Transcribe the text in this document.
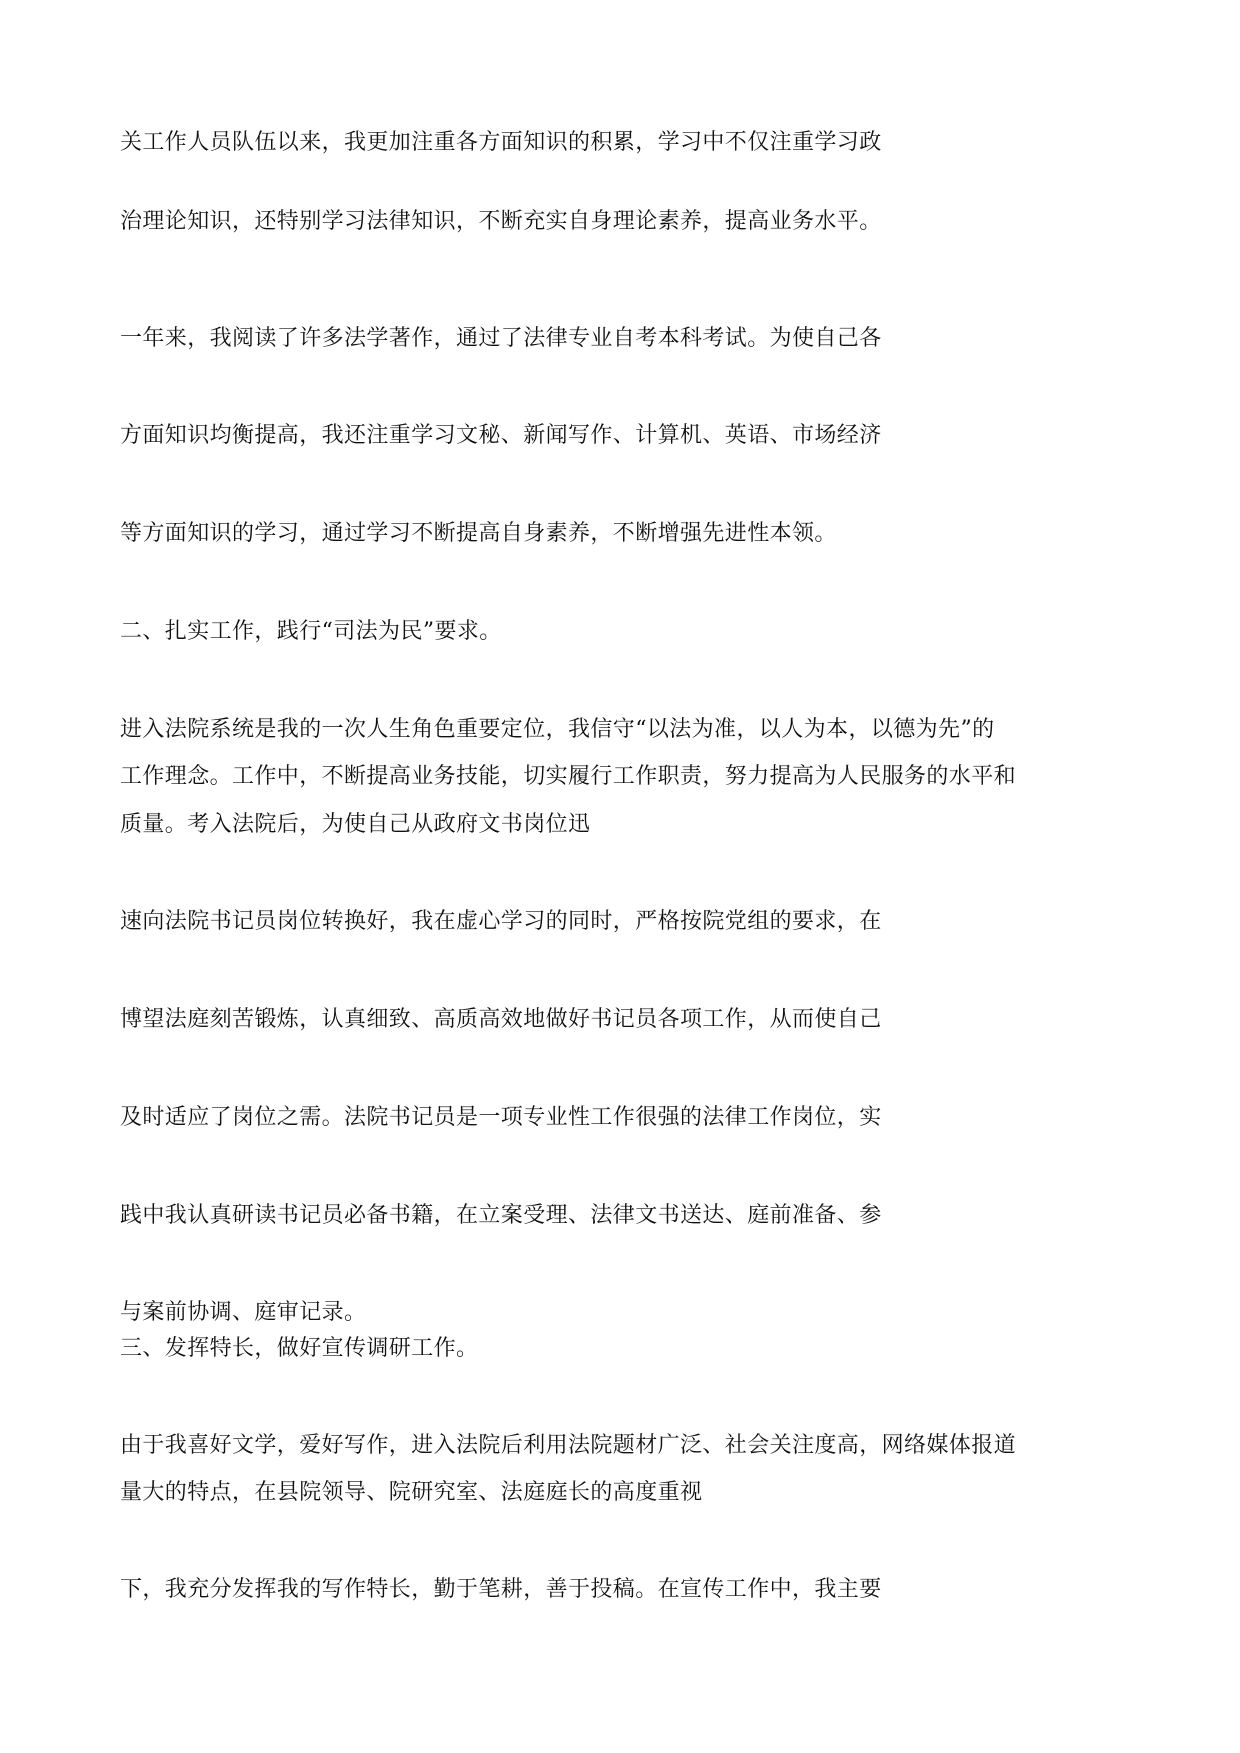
关工作人员队伍以来，我更加注重各方面知识的积累，学习中不仅注重学习政
治理论知识，还特别学习法律知识，不断充实自身理论素养，提高业务水平。
一年来，我阅读了许多法学著作，通过了法律专业自考本科考试。为使自己各
方面知识均衡提高，我还注重学习文秘、新闻写作、计算机、英语、市场经济
等方面知识的学习，通过学习不断提高自身素养，不断增强先进性本领。
二、扎实工作，践行“司法为民”要求。
进入法院系统是我的一次人生角色重要定位，我信守“以法为准，以人为本，以德为先”的
工作理念。工作中，不断提高业务技能，切实履行工作职责，努力提高为人民服务的水平和
质量。考入法院后，为使自己从政府文书岗位迅
速向法院书记员岗位转换好，我在虚心学习的同时，严格按院党组的要求，在
博望法庭刻苦锻炼，认真细致、高质高效地做好书记员各项工作，从而使自己
及时适应了岗位之需。法院书记员是一项专业性工作很强的法律工作岗位，实
践中我认真研读书记员必备书籍，在立案受理、法律文书送达、庭前准备、参
与案前协调、庭审记录。
三、发挥特长，做好宣传调研工作。
由于我喜好文学，爱好写作，进入法院后利用法院题材广泛、社会关注度高，网络媒体报道
量大的特点，在县院领导、院研究室、法庭庭长的高度重视
下，我充分发挥我的写作特长，勤于笔耕，善于投稿。在宣传工作中，我主要
